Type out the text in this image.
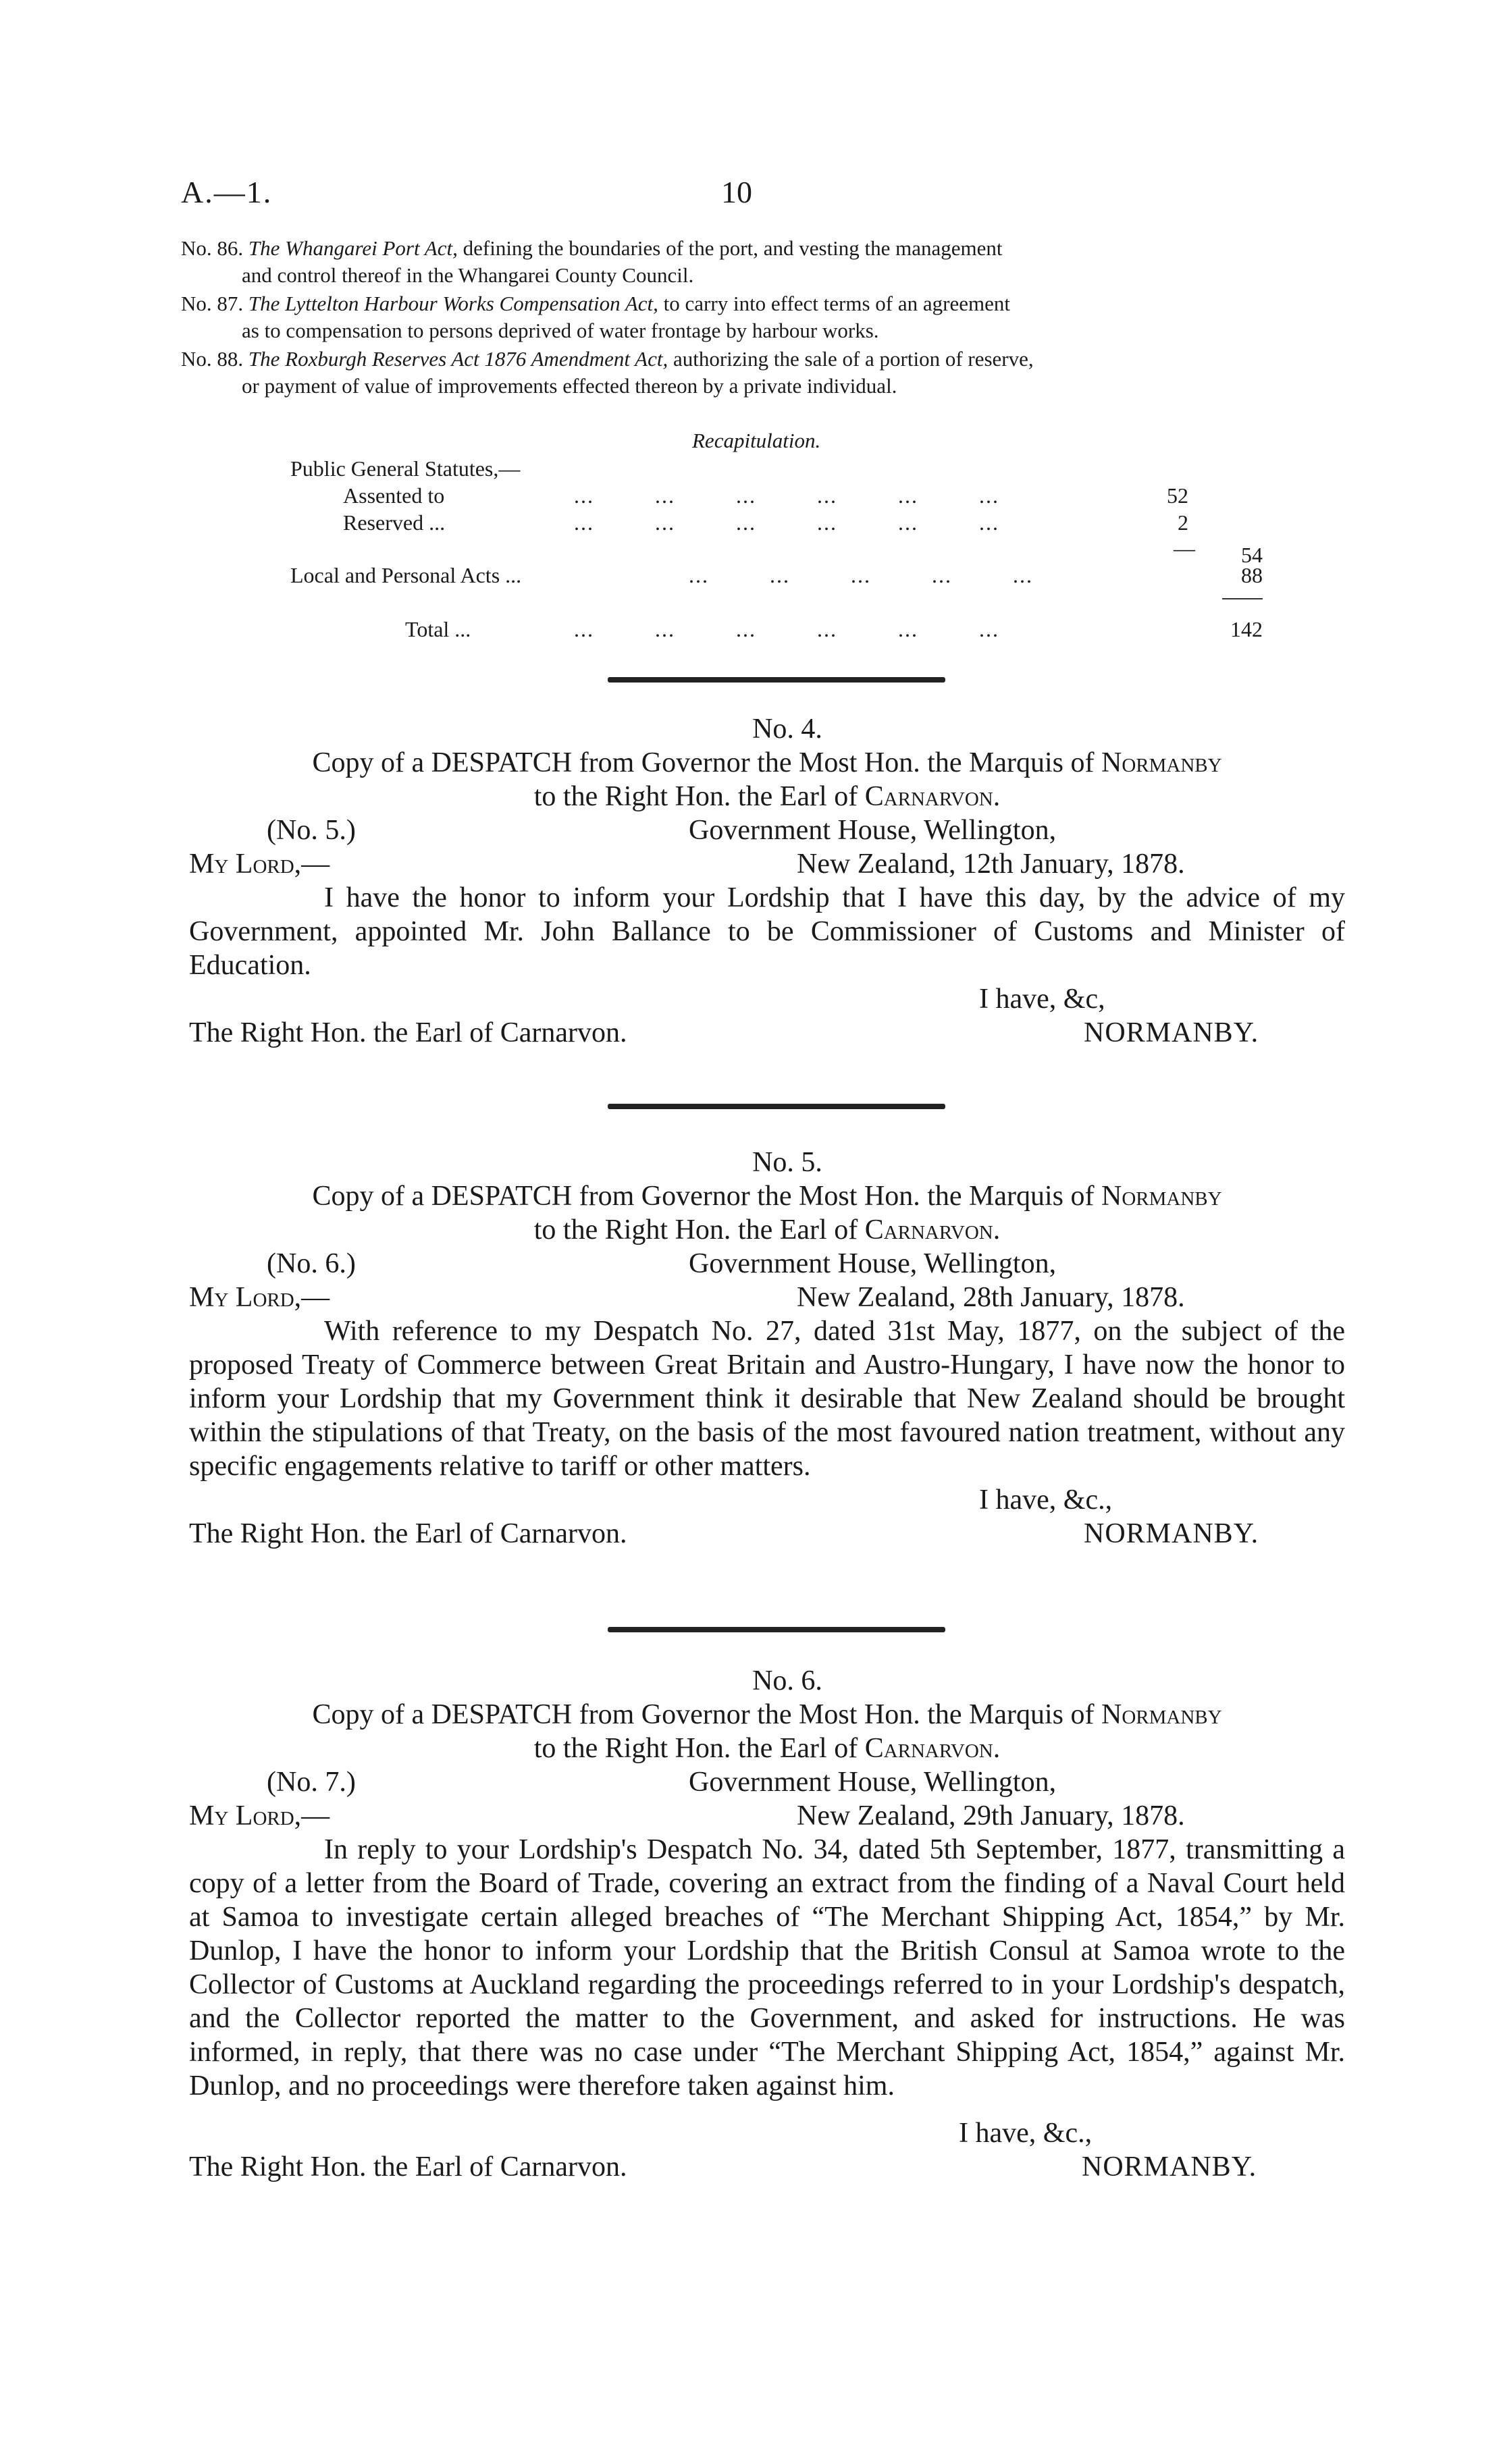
A.—1.	10
No. 86. The Whangarei Port Act, defining the boundaries of the port, and vesting the management
and control thereof in the Whangarei County Council.
No. 87. The Lyttelton Harbour Works Compensation Act, to carry into effect terms of an agreement
as to compensation to persons deprived of water frontage by harbour works.
No. 88. The Roxburgh Reserves Act 1876 Amendment Act, authorizing the sale of a portion of reserve,
or payment of value of improvements effected thereon by a private individual.
Recapitulation.
Public General Statutes,—
Assented to	...	...	...	...	...	...	52
Reserved ...	...	...	...	...	...	...	2
—	54
Local and Personal Acts ...	...	...	...	...	...	88
Total ...	...	...	...	...	...	...	142
No. 4.
Copy of a DESPATCH from Governor the Most Hon. the Marquis of Normanby
to the Right Hon. the Earl of Carnarvon.
(No. 5.)
My Lord,—
Government House, Wellington,
New Zealand, 12th January, 1878.
I have the honor to inform your Lordship that I have this day, by the advice of my Government, appointed Mr. John Ballance to be Commissioner of Customs and Minister of Education.
I have, &c,
The Right Hon. the Earl of Carnarvon.	NORMANBY.
No. 5.
Copy of a DESPATCH from Governor the Most Hon. the Marquis of Normanby
to the Right Hon. the Earl of Carnarvon.
(No. 6.)
My Lord,—
Government House, Wellington,
New Zealand, 28th January, 1878.
With reference to my Despatch No. 27, dated 31st May, 1877, on the subject of the proposed Treaty of Commerce between Great Britain and Austro-Hungary, I have now the honor to inform your Lordship that my Government think it desirable that New Zealand should be brought within the stipulations of that Treaty, on the basis of the most favoured nation treatment, without any specific engagements relative to tariff or other matters.
I have, &c.,
The Right Hon. the Earl of Carnarvon.	NORMANBY.
No. 6.
Copy of a DESPATCH from Governor the Most Hon. the Marquis of Normanby
to the Right Hon. the Earl of Carnarvon.
(No. 7.)
My Lord,—
Government House, Wellington,
New Zealand, 29th January, 1878.
In reply to your Lordship's Despatch No. 34, dated 5th September, 1877, transmitting a copy of a letter from the Board of Trade, covering an extract from the finding of a Naval Court held at Samoa to investigate certain alleged breaches of “The Merchant Shipping Act, 1854,” by Mr. Dunlop, I have the honor to inform your Lordship that the British Consul at Samoa wrote to the Collector of Customs at Auckland regarding the proceedings referred to in your Lordship's despatch, and the Collector reported the matter to the Government, and asked for instructions. He was informed, in reply, that there was no case under “The Merchant Shipping Act, 1854,” against Mr. Dunlop, and no proceedings were therefore taken against him.
I have, &c.,
The Right Hon. the Earl of Carnarvon.	NORMANBY.
